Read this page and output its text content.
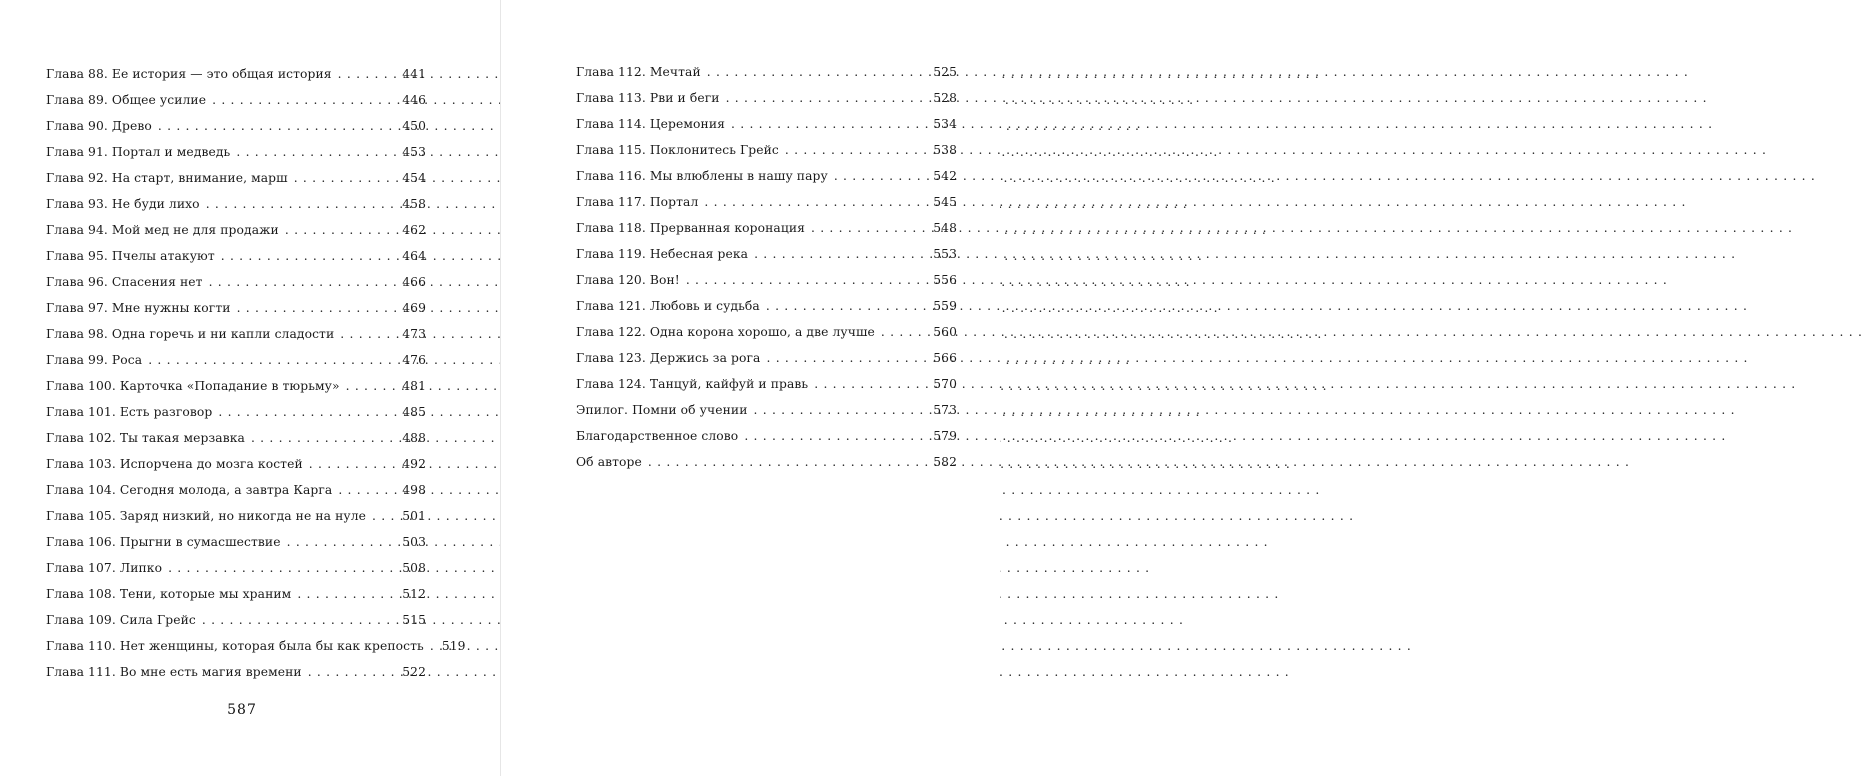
Глава 88. Ее история — это общая история . . .	441
Глава 89. Общее усилие . . .	446
Глава 90. Древо . . .	450
Глава 91. Портал и медведь . . .	453
Глава 92. На старт, внимание, марш . . .	454
Глава 93. Не буди лихо . . .	458
Глава 94. Мой мед не для продажи . . .	462
Глава 95. Пчелы атакуют . . .	464
Глава 96. Спасения нет . . .	466
Глава 97. Мне нужны когти . . .	469
Глава 98. Одна горечь и ни капли сладости . . .	473
Глава 99. Роса . . .	476
Глава 100. Карточка «Попадание в тюрьму» . . .	481
Глава 101. Есть разговор . . .	485
Глава 102. Ты такая мерзавка . . .	488
Глава 103. Испорчена до мозга костей . . .	492
Глава 104. Сегодня молода, а завтра Карга . . .	498
Глава 105. Заряд низкий, но никогда не на нуле . . .	501
Глава 106. Прыгни в сумасшествие . . .	503
Глава 107. Липко . . .	508
Глава 108. Тени, которые мы храним . . .	512
Глава 109. Сила Грейс . . .	515
Глава 110. Нет женщины, которая была бы как крепость . . . 519
Глава 111. Во мне есть магия времени . . .	522
587
Глава 112. Мечтай . . .	525
Глава 113. Рви и беги . . .	528
Глава 114. Церемония . . .	534
Глава 115. Поклонитесь Грейс . . .	538
Глава 116. Мы влюблены в нашу пару . . .	542
Глава 117. Портал . . .	545
Глава 118. Прерванная коронация . . .	548
Глава 119. Небесная река . . .	553
Глава 120. Вон! . . .	556
Глава 121. Любовь и судьба . . .	559
Глава 122. Одна корона хорошо, а две лучше . . .	560
Глава 123. Держись за рога . . .	566
Глава 124. Танцуй, кайфуй и правь . . .	570
Эпилог. Помни об учении . . .	573
Благодарственное слово . . .	579
Об авторе . . .	582
